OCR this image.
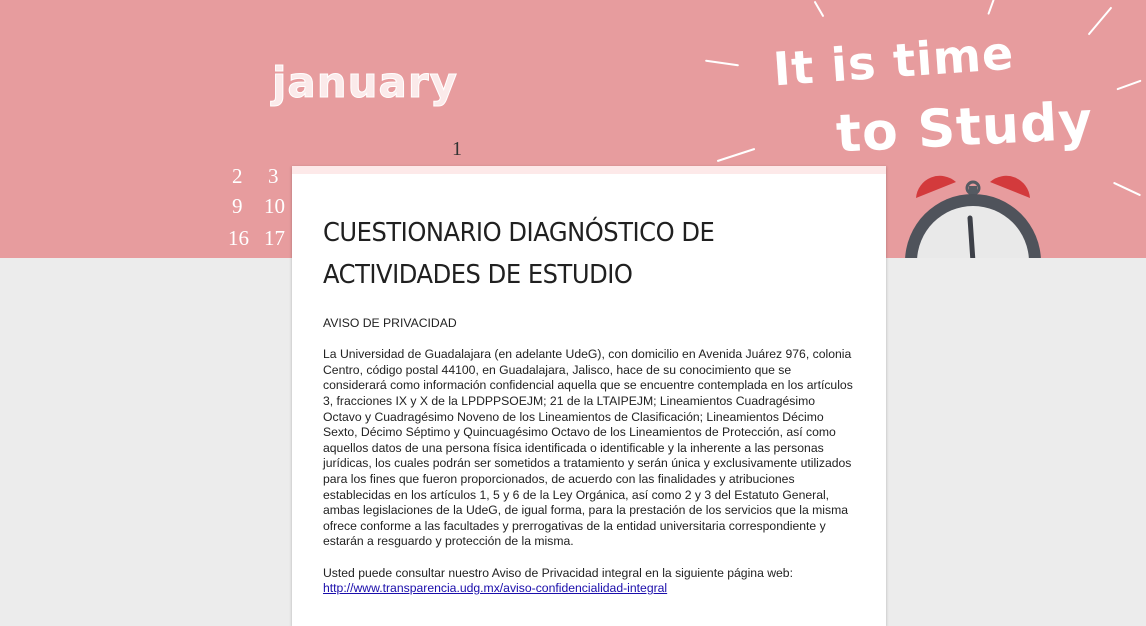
january
1
2 3
9 10
16 17
It is time
to Study
CUESTIONARIO DIAGNÓSTICO DE ACTIVIDADES DE ESTUDIO

AVISO DE PRIVACIDAD

La Universidad de Guadalajara (en adelante UdeG), con domicilio en Avenida Juárez 976, colonia Centro, código postal 44100, en Guadalajara, Jalisco, hace de su conocimiento que se considerará como información confidencial aquella que se encuentre contemplada en los artículos 3, fracciones IX y X de la LPDPPSOEJM; 21 de la LTAIPEJM; Lineamientos Cuadragésimo Octavo y Cuadragésimo Noveno de los Lineamientos de Clasificación; Lineamientos Décimo Sexto, Décimo Séptimo y Quincuagésimo Octavo de los Lineamientos de Protección, así como aquellos datos de una persona física identificada o identificable y la inherente a las personas jurídicas, los cuales podrán ser sometidos a tratamiento y serán única y exclusivamente utilizados para los fines que fueron proporcionados, de acuerdo con las finalidades y atribuciones establecidas en los artículos 1, 5 y 6 de la Ley Orgánica, así como 2 y 3 del Estatuto General, ambas legislaciones de la UdeG, de igual forma, para la prestación de los servicios que la misma ofrece conforme a las facultades y prerrogativas de la entidad universitaria correspondiente y estarán a resguardo y protección de la misma.

Usted puede consultar nuestro Aviso de Privacidad integral en la siguiente página web:

http://www.transparencia.udg.mx/aviso-confidencialidad-integral
